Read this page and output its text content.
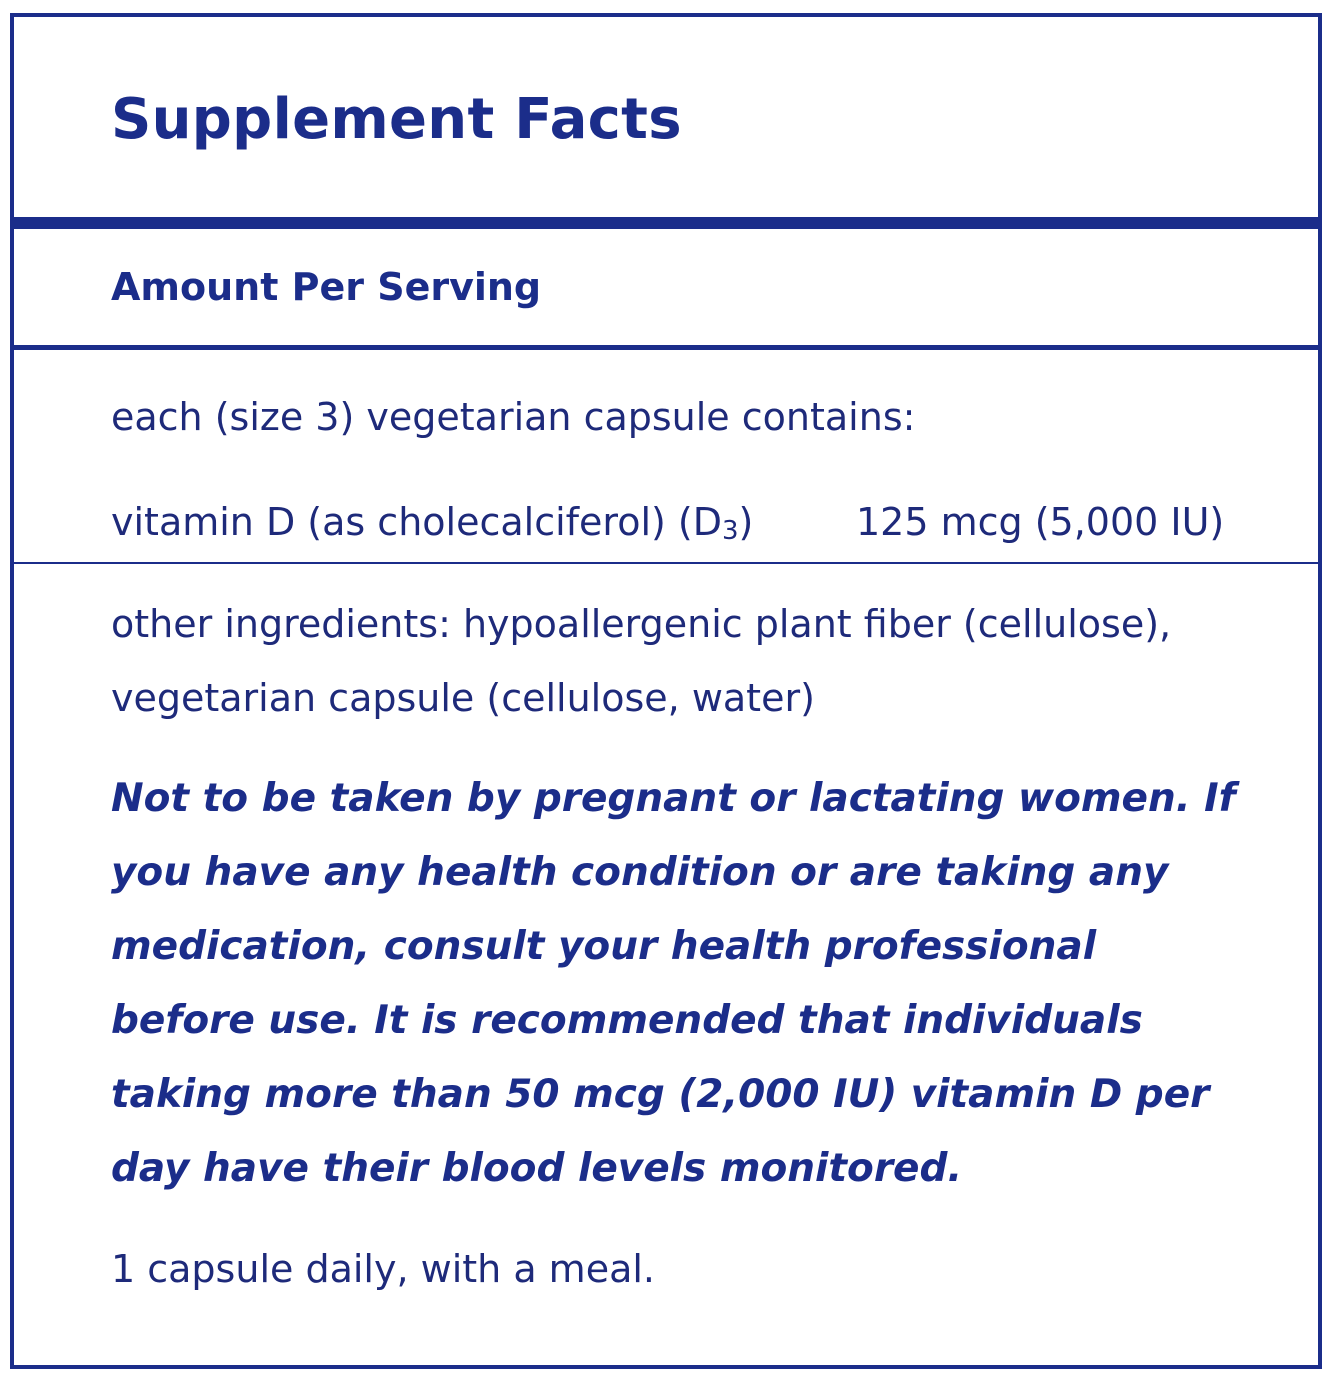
Supplement Facts
Amount Per Serving
each (size 3) vegetarian capsule contains:
vitamin D (as cholecalciferol) (D3)	125 mcg (5,000 IU)
other ingredients: hypoallergenic plant fiber (cellulose), vegetarian capsule (cellulose, water)
Not to be taken by pregnant or lactating women. If you have any health condition or are taking any medication, consult your health professional before use. It is recommended that individuals taking more than 50 mcg (2,000 IU) vitamin D per day have their blood levels monitored.
1 capsule daily, with a meal.
